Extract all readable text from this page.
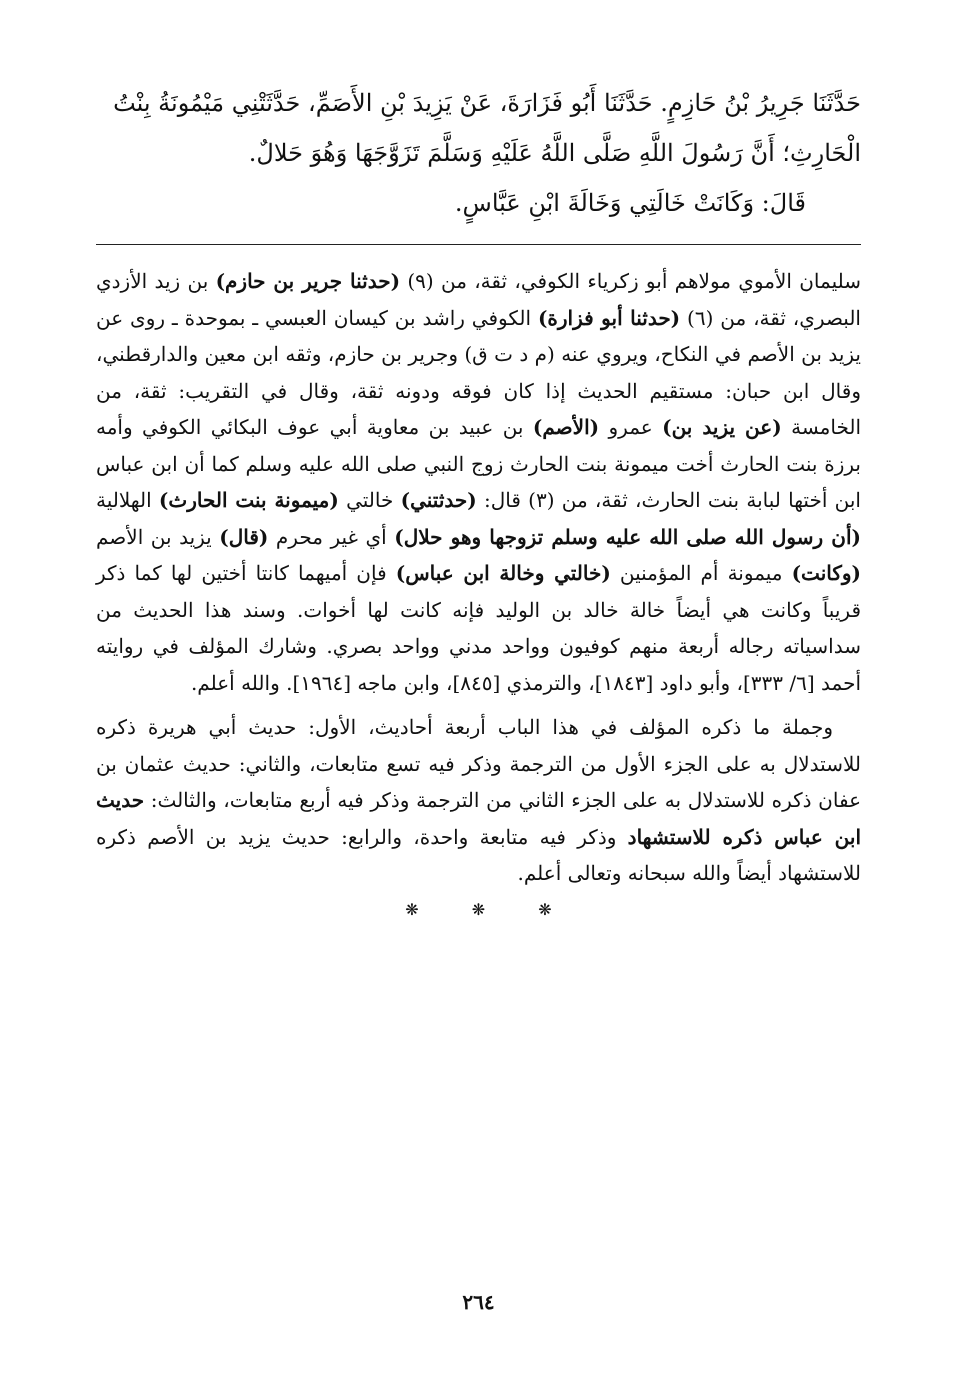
حَدَّثَنَا جَرِيرُ بْنُ حَازِمٍ. حَدَّثَنَا أَبُو فَزَارَةَ، عَنْ يَزِيدَ بْنِ الأَصَمِّ، حَدَّثَتْنِي مَيْمُونَةُ بِنْتُ
الْحَارِثِ؛ أَنَّ رَسُولَ اللَّهِ صَلَّى اللَّهُ عَلَيْهِ وَسَلَّمَ تَزَوَّجَهَا وَهُوَ حَلالٌ.
قَالَ: وَكَانَتْ خَالَتِي وَخَالَةَ ابْنِ عَبَّاسٍ.

سليمان الأموي مولاهم أبو زكرياء الكوفي، ثقة، من (٩) (حدثنا جرير بن حازم) بن زيد الأزدي البصري، ثقة، من (٦) (حدثنا أبو فزارة) الكوفي راشد بن كيسان العبسي ـ بموحدة ـ روى عن يزيد بن الأصم في النكاح، ويروي عنه (م د ت ق) وجرير بن حازم، وثقه ابن معين والدارقطني، وقال ابن حبان: مستقيم الحديث إذا كان فوقه ودونه ثقة، وقال في التقريب: ثقة، من الخامسة (عن يزيد بن) عمرو (الأصم) بن عبيد بن معاوية أبي عوف البكائي الكوفي وأمه برزة بنت الحارث أخت ميمونة بنت الحارث زوج النبي صلى الله عليه وسلم كما أن ابن عباس ابن أختها لبابة بنت الحارث، ثقة، من (٣) قال: (حدثتني) خالتي (ميمونة بنت الحارث) الهلالية (أن رسول الله صلى الله عليه وسلم تزوجها وهو حلال) أي غير محرم (قال) يزيد بن الأصم (وكانت) ميمونة أم المؤمنين (خالتي وخالة ابن عباس) فإن أميهما كانتا أختين لها كما ذكر قريباً وكانت هي أيضاً خالة خالد بن الوليد فإنه كانت لها أخوات. وسند هذا الحديث من سداسياته رجاله أربعة منهم كوفيون وواحد مدني وواحد بصري. وشارك المؤلف في روايته أحمد [٦/ ٣٣٣]، وأبو داود [١٨٤٣]، والترمذي [٨٤٥]، وابن ماجه [١٩٦٤]. والله أعلم.

وجملة ما ذكره المؤلف في هذا الباب أربعة أحاديث، الأول: حديث أبي هريرة ذكره للاستدلال به على الجزء الأول من الترجمة وذكر فيه تسع متابعات، والثاني: حديث عثمان بن عفان ذكره للاستدلال به على الجزء الثاني من الترجمة وذكر فيه أربع متابعات، والثالث: حديث ابن عباس ذكره للاستشهاد وذكر فيه متابعة واحدة، والرابع: حديث يزيد بن الأصم ذكره للاستشهاد أيضاً والله سبحانه وتعالى أعلم.

❋ ❋ ❋
٢٦٤
